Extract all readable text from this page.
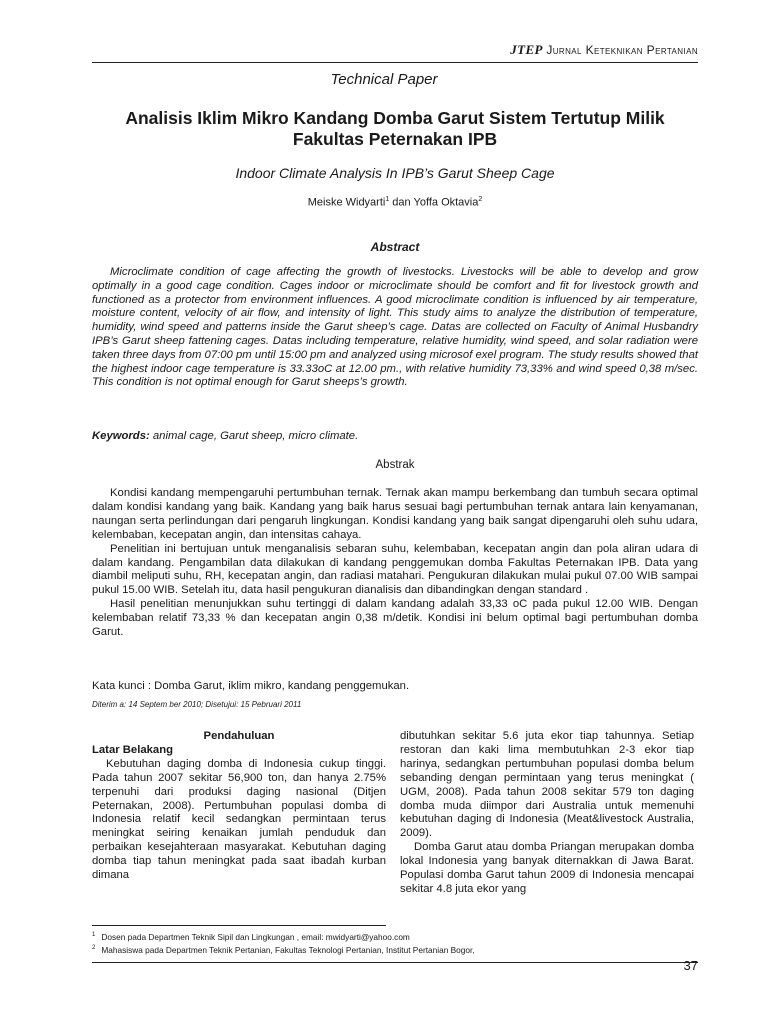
JTEP Jurnal Keteknikan Pertanian
Technical Paper
Analisis Iklim Mikro Kandang Domba Garut Sistem Tertutup Milik Fakultas Peternakan IPB
Indoor Climate Analysis In IPB’s Garut Sheep Cage
Meiske Widyarti$^1$ dan Yoffa Oktavia$^2$
Abstract
Microclimate condition of cage affecting the growth of livestocks. Livestocks will be able to develop and grow optimally in a good cage condition. Cages indoor or microclimate should be comfort and fit for livestock growth and functioned as a protector from environment influences. A good microclimate condition is influenced by air temperature, moisture content, velocity of air flow, and intensity of light. This study aims to analyze the distribution of temperature, humidity, wind speed and patterns inside the Garut sheep’s cage. Datas are collected on Faculty of Animal Husbandry IPB’s Garut sheep fattening cages. Datas including temperature, relative humidity, wind speed, and solar radiation were taken three days from 07:00 pm until 15:00 pm and analyzed using microsof exel program. The study results showed that the highest indoor cage temperature is 33.33oC at 12.00 pm., with relative humidity 73,33% and wind speed 0,38 m/sec. This condition is not optimal enough for Garut sheeps’s growth.
Keywords: animal cage, Garut sheep, micro climate.
Abstrak

Kondisi kandang mempengaruhi pertumbuhan ternak. Ternak akan mampu berkembang dan tumbuh secara optimal dalam kondisi kandang yang baik. Kandang yang baik harus sesuai bagi pertumbuhan ternak antara lain kenyamanan, naungan serta perlindungan dari pengaruh lingkungan. Kondisi kandang yang baik sangat dipengaruhi oleh suhu udara, kelembaban, kecepatan angin, dan intensitas cahaya.

Penelitian ini bertujuan untuk menganalisis sebaran suhu, kelembaban, kecepatan angin dan pola aliran udara di dalam kandang. Pengambilan data dilakukan di kandang penggemukan domba Fakultas Peternakan IPB. Data yang diambil meliputi suhu, RH, kecepatan angin, dan radiasi matahari. Pengukuran dilakukan mulai pukul 07.00 WIB sampai pukul 15.00 WIB. Setelah itu, data hasil pengukuran dianalisis dan dibandingkan dengan standard .

Hasil penelitian menunjukkan suhu tertinggi di dalam kandang adalah 33,33 oC pada pukul 12.00 WIB. Dengan kelembaban relatif 73,33 % dan kecepatan angin 0,38 m/detik. Kondisi ini belum optimal bagi pertumbuhan domba Garut.

Kata kunci : Domba Garut, iklim mikro, kandang penggemukan.
Diterim a: 14 Septem ber 2010; Disetujui: 15 Pebruari 2011

Pendahuluan

Latar Belakang

Kebutuhan daging domba di Indonesia cukup tinggi. Pada tahun 2007 sekitar 56,900 ton, dan hanya 2.75% terpenuhi dari produksi daging nasional (Ditjen Peternakan, 2008). Pertumbuhan populasi domba di Indonesia relatif kecil sedangkan permintaan terus meningkat seiring kenaikan jumlah penduduk dan perbaikan kesejahteraan masyarakat. Kebutuhan daging domba tiap tahun meningkat pada saat ibadah kurban dimana

dibutuhkan sekitar 5.6 juta ekor tiap tahunnya. Setiap restoran dan kaki lima membutuhkan 2-3 ekor tiap harinya, sedangkan pertumbuhan populasi domba belum sebanding dengan permintaan yang terus meningkat ( UGM, 2008). Pada tahun 2008 sekitar 579 ton daging domba muda diimpor dari Australia untuk memenuhi kebutuhan daging di Indonesia (Meat&livestock Australia, 2009).

Domba Garut atau domba Priangan merupakan domba lokal Indonesia yang banyak diternakkan di Jawa Barat. Populasi domba Garut tahun 2009 di Indonesia mencapai sekitar 4.8 juta ekor yang

$^1$ Dosen pada Departmen Teknik Sipil dan Lingkungan , email: mwidyarti@yahoo.com
$^2$ Mahasiswa pada Departmen Teknik Pertanian, Fakultas Teknologi Pertanian, Institut Pertanian Bogor,
37
